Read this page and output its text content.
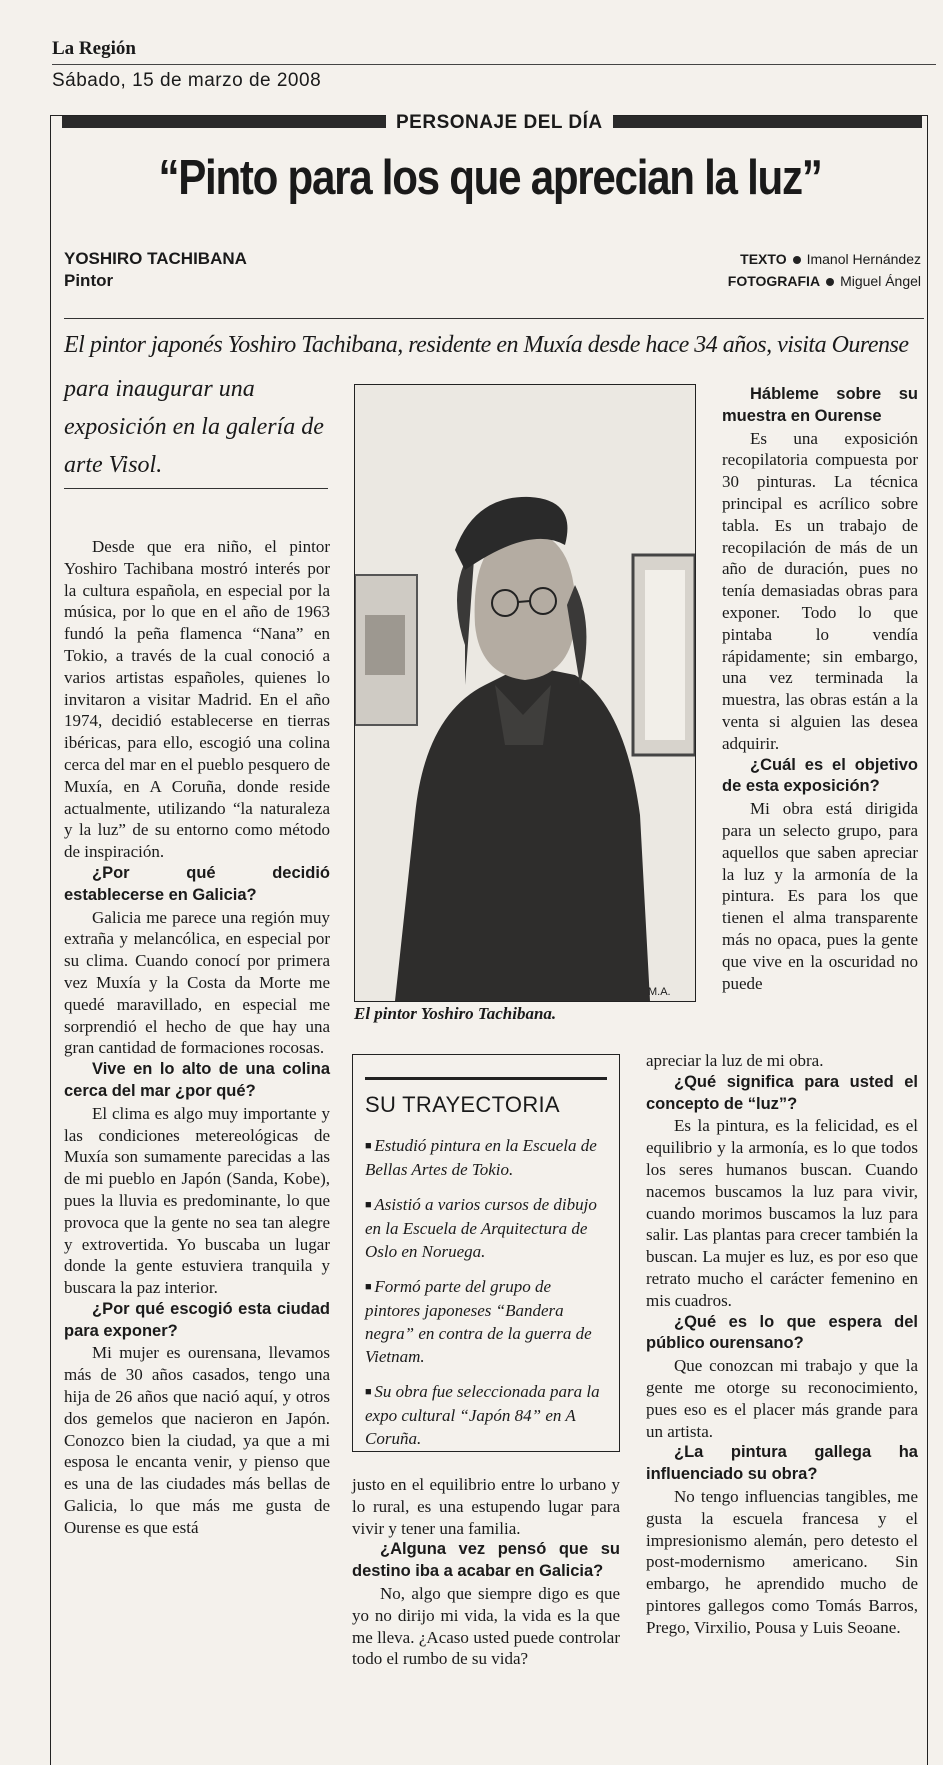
La Región
Sábado, 15 de marzo de 2008
PERSONAJE DEL DÍA
“Pinto para los que aprecian la luz”
YOSHIRO TACHIBANA
Pintor
TEXTO Imanol Hernández
FOTOGRAFIA Miguel Ángel
El pintor japonés Yoshiro Tachibana, residente en Muxía desde hace 34 años, visita Ourense
para inaugurar una exposición en la galería de arte Visol.

Desde que era niño, el pintor Yoshiro Tachibana mostró interés por la cultura española, en especial por la música, por lo que en el año de 1963 fundó la peña flamenca “Nana” en Tokio, a través de la cual conoció a varios artistas españoles, quienes lo invitaron a visitar Madrid. En el año 1974, decidió establecerse en tierras ibéricas, para ello, escogió una colina cerca del mar en el pueblo pesquero de Muxía, en A Coruña, donde reside actualmente, utilizando “la naturaleza y la luz” de su entorno como método de inspiración.

¿Por qué decidió establecerse en Galicia?

Galicia me parece una región muy extraña y melancólica, en especial por su clima. Cuando conocí por primera vez Muxía y la Costa da Morte me quedé maravillado, en especial me sorprendió el hecho de que hay una gran cantidad de formaciones rocosas.

Vive en lo alto de una colina cerca del mar ¿por qué?

El clima es algo muy importante y las condiciones metereológicas de Muxía son sumamente parecidas a las de mi pueblo en Japón (Sanda, Kobe), pues la lluvia es predominante, lo que provoca que la gente no sea tan alegre y extrovertida. Yo buscaba un lugar donde la gente estuviera tranquila y buscara la paz interior.

¿Por qué escogió esta ciudad para exponer?

Mi mujer es ourensana, llevamos más de 30 años casados, tengo una hija de 26 años que nació aquí, y otros dos gemelos que nacieron en Japón. Conozco bien la ciudad, ya que a mi esposa le encanta venir, y pienso que es una de las ciudades más bellas de Galicia, lo que más me gusta de Ourense es que está

M.A.
El pintor Yoshiro Tachibana.
SU TRAYECTORIA
■ Estudió pintura en la Escuela de Bellas Artes de Tokio.
■ Asistió a varios cursos de dibujo en la Escuela de Arquitectura de Oslo en Noruega.
■ Formó parte del grupo de pintores japoneses “Bandera negra” en contra de la guerra de Vietnam.
■ Su obra fue seleccionada para la expo cultural “Japón 84” en A Coruña.

justo en el equilibrio entre lo urbano y lo rural, es una estupendo lugar para vivir y tener una familia.

¿Alguna vez pensó que su destino iba a acabar en Galicia?

No, algo que siempre digo es que yo no dirijo mi vida, la vida es la que me lleva. ¿Acaso usted puede controlar todo el rumbo de su vida?

Hábleme sobre su muestra en Ourense

Es una exposición recopilatoria compuesta por 30 pinturas. La técnica principal es acrílico sobre tabla. Es un trabajo de recopilación de más de un año de duración, pues no tenía demasiadas obras para exponer. Todo lo que pintaba lo vendía rápidamente; sin embargo, una vez terminada la muestra, las obras están a la venta si alguien las desea adquirir.

¿Cuál es el objetivo de esta exposición?

Mi obra está dirigida para un selecto grupo, para aquellos que saben apreciar la luz y la armonía de la pintura. Es para los que tienen el alma transparente más no opaca, pues la gente que vive en la oscuridad no puede

apreciar la luz de mi obra.

¿Qué significa para usted el concepto de “luz”?

Es la pintura, es la felicidad, es el equilibrio y la armonía, es lo que todos los seres humanos buscan. Cuando nacemos buscamos la luz para vivir, cuando morimos buscamos la luz para salir. Las plantas para crecer también la buscan. La mujer es luz, es por eso que retrato mucho el carácter femenino en mis cuadros.

¿Qué es lo que espera del público ourensano?

Que conozcan mi trabajo y que la gente me otorge su reconocimiento, pues eso es el placer más grande para un artista.

¿La pintura gallega ha influenciado su obra?

No tengo influencias tangibles, me gusta la escuela francesa y el impresionismo alemán, pero detesto el post-modernismo americano. Sin embargo, he aprendido mucho de pintores gallegos como Tomás Barros, Prego, Virxilio, Pousa y Luis Seoane.
